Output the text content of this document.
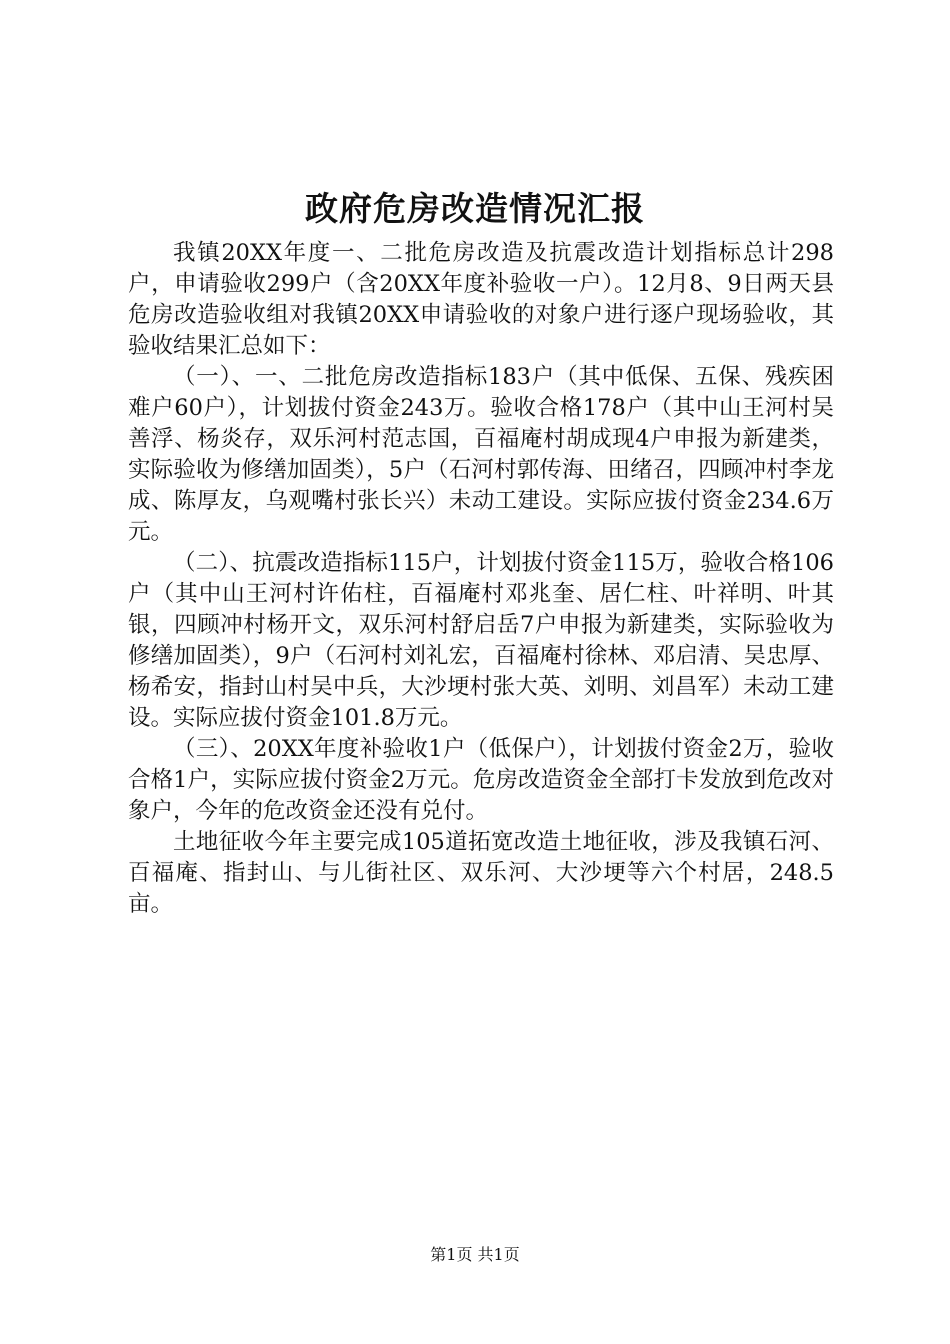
政府危房改造情况汇报

我镇20XX年度一、二批危房改造及抗震改造计划指标总计298户，申请验收299户（含20XX年度补验收一户）。12月8、9日两天县危房改造验收组对我镇20XX申请验收的对象户进行逐户现场验收，其验收结果汇总如下：

（一）、一、二批危房改造指标183户（其中低保、五保、残疾困难户60户），计划拔付资金243万。验收合格178户（其中山王河村吴善浮、杨炎存，双乐河村范志国，百福庵村胡成现4户申报为新建类，实际验收为修缮加固类），5户（石河村郭传海、田绪召，四顾冲村李龙成、陈厚友，乌观嘴村张长兴）未动工建设。实际应拔付资金234.6万元。

（二）、抗震改造指标115户，计划拔付资金115万，验收合格106户（其中山王河村许佑柱，百福庵村邓兆奎、居仁柱、叶祥明、叶其银，四顾冲村杨开文，双乐河村舒启岳7户申报为新建类，实际验收为修缮加固类），9户（石河村刘礼宏，百福庵村徐林、邓启清、吴忠厚、杨希安，指封山村吴中兵，大沙埂村张大英、刘明、刘昌军）未动工建设。实际应拔付资金101.8万元。

（三）、20XX年度补验收1户（低保户），计划拔付资金2万，验收合格1户，实际应拔付资金2万元。危房改造资金全部打卡发放到危改对象户，今年的危改资金还没有兑付。

土地征收今年主要完成105道拓宽改造土地征收，涉及我镇石河、百福庵、指封山、与儿街社区、双乐河、大沙埂等六个村居，248.5亩。

第1页 共1页
